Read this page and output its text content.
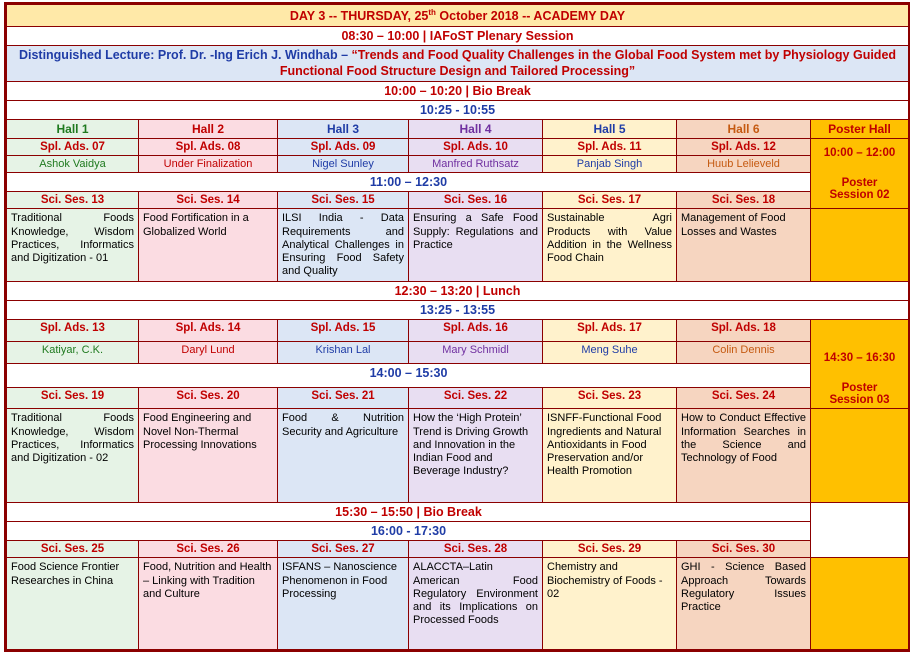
DAY 3 -- THURSDAY, 25th October 2018 -- ACADEMY DAY						
08:30 – 10:00 | IAFoST Plenary Session						
Distinguished Lecture: Prof. Dr. -Ing Erich J. Windhab – “Trends and Food Quality Challenges in the Global Food System met by Physiology Guided Functional Food Structure Design and Tailored Processing”						
10:00 – 10:20 | Bio Break						
10:25 - 10:55						
Hall 1	Hall 2	Hall 3	Hall 4	Hall 5	Hall 6	Poster Hall
Spl. Ads. 07	Spl. Ads. 08	Spl. Ads. 09	Spl. Ads. 10	Spl. Ads. 11	Spl. Ads. 12	10:00 – 12:00
Poster
Session 02
Ashok Vaidya	Under Finalization	Nigel Sunley	Manfred Ruthsatz	Panjab Singh	Huub Lelieveld	
11:00 – 12:30						
Sci. Ses. 13	Sci. Ses. 14	Sci. Ses. 15	Sci. Ses. 16	Sci. Ses. 17	Sci. Ses. 18	
Traditional Foods Knowledge, Wisdom Practices, Informatics and Digitization - 01	Food Fortification in a Globalized World	ILSI India - Data Requirements and Analytical Challenges in Ensuring Food Safety and Quality	Ensuring a Safe Food Supply: Regulations and Practice	Sustainable Agri Products with Value Addition in the Wellness Food Chain	Management of Food Losses and Wastes	
12:30 – 13:20 | Lunch						
13:25 - 13:55						
Spl. Ads. 13	Spl. Ads. 14	Spl. Ads. 15	Spl. Ads. 16	Spl. Ads. 17	Spl. Ads. 18	14:30 – 16:30
Poster
Session 03
Katiyar, C.K.	Daryl Lund	Krishan Lal	Mary Schmidl	Meng Suhe	Colin Dennis	
14:00 – 15:30						
Sci. Ses. 19	Sci. Ses. 20	Sci. Ses. 21	Sci. Ses. 22	Sci. Ses. 23	Sci. Ses. 24	
Traditional Foods Knowledge, Wisdom Practices, Informatics and Digitization - 02	Food Engineering and Novel Non-Thermal Processing Innovations	Food & Nutrition Security and Agriculture	How the ‘High Protein’ Trend is Driving Growth and Innovation in the Indian Food and Beverage Industry?	ISNFF-Functional Food Ingredients and Natural Antioxidants in Food Preservation and/or Health Promotion	How to Conduct Effective Information Searches in the Science and Technology of Food	
15:30 – 15:50 | Bio Break						
16:00 - 17:30						
Sci. Ses. 25	Sci. Ses. 26	Sci. Ses. 27	Sci. Ses. 28	Sci. Ses. 29	Sci. Ses. 30	
Food Science Frontier Researches in China	Food, Nutrition and Health – Linking with Tradition and Culture	ISFANS – Nanoscience Phenomenon in Food Processing	ALACCTA–Latin American Food Regulatory Environment and its Implications on Processed Foods	Chemistry and Biochemistry of Foods - 02	GHI - Science Based Approach Towards Regulatory Issues Practice	
